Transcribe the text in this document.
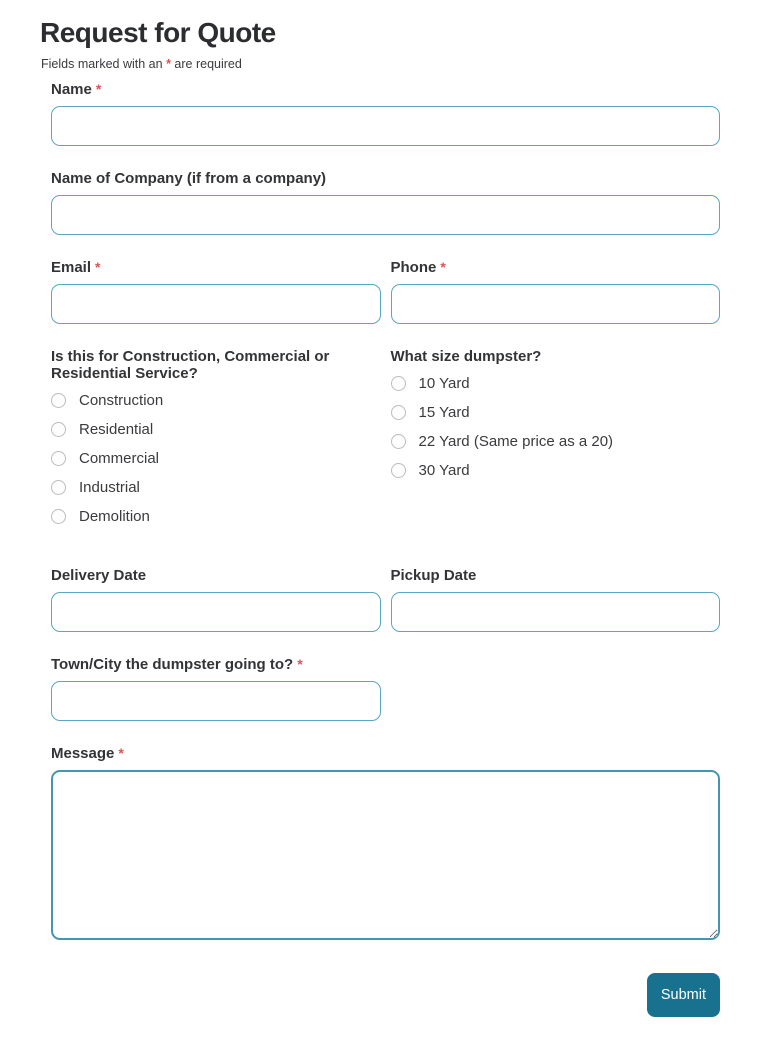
Request for Quote

Fields marked with an * are required

Name *
Name of Company (if from a company)
Email *	Phone *
Is this for Construction, Commercial or Residential Service?
Construction
Residential
Commercial
Industrial
Demolition
What size dumpster?
10 Yard
15 Yard
22 Yard (Same price as a 20)
30 Yard
Delivery Date	Pickup Date
Town/City the dumpster going to? *
Message *
Submit
